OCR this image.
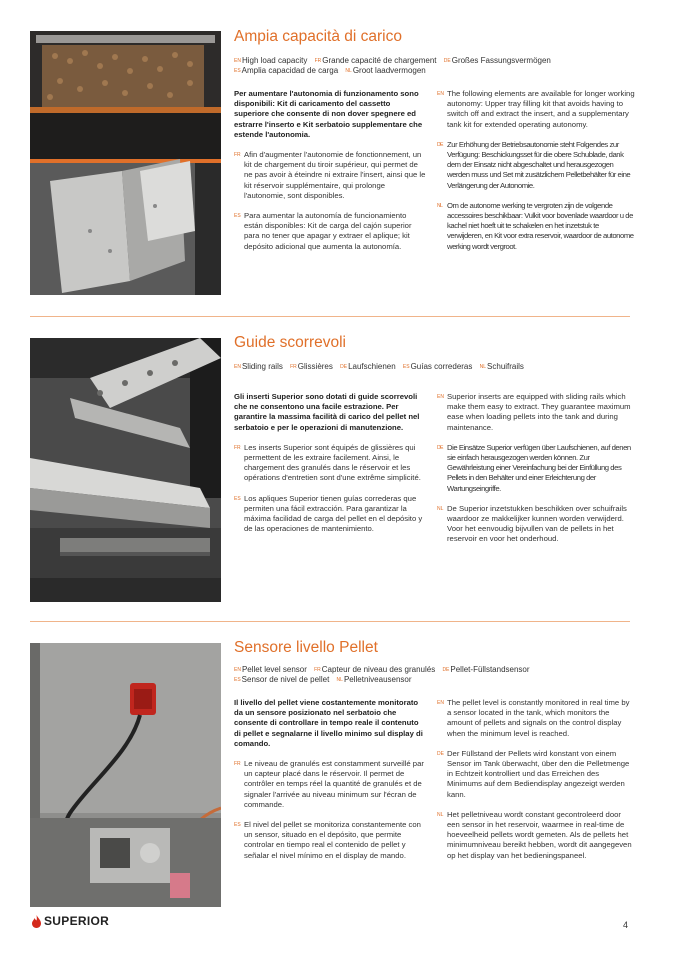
Ampia capacità di carico
$^{EN}$High load capacity $^{FR}$Grande capacité de chargement $^{DE}$Großes Fassungsvermögen
$^{ES}$Amplia capacidad de carga $^{NL}$Groot laadvermogen

Per aumentare l'autonomia di funzionamento sono disponibili: Kit di caricamento del cassetto superiore che consente di non dover spegnere ed estrarre l'inserto e Kit serbatoio supplementare che estende l'autonomia.

FR Afin d'augmenter l'autonomie de fonctionnement, un kit de chargement du tiroir supérieur, qui permet de ne pas avoir à éteindre ni extraire l'insert, ainsi que le kit réservoir supplémentaire, qui prolonge l'autonomie, sont disponibles.

ES Para aumentar la autonomía de funcionamiento están disponibles: Kit de carga del cajón superior para no tener que apagar y extraer el aplique; kit depósito adicional que aumenta la autonomía.

EN The following elements are available for longer working autonomy: Upper tray filling kit that avoids having to switch off and extract the insert, and a supplementary tank kit for extended operating autonomy.

DE Zur Erhöhung der Betriebsautonomie steht Folgendes zur Verfügung: Beschickungsset für die obere Schublade, dank dem der Einsatz nicht abgeschaltet und herausgezogen werden muss und Set mit zusätzlichem Pelletbehälter für eine Verlängerung der Autonomie.

NL Om de autonome werking te vergroten zijn de volgende accessoires beschikbaar: Vulkit voor bovenlade waardoor u de kachel niet hoeft uit te schakelen en het inzetstuk te verwijderen, en Kit voor extra reservoir, waardoor de autonome werking wordt vergroot.

Guide scorrevoli
$^{EN}$Sliding rails $^{FR}$Glissières $^{DE}$Laufschienen $^{ES}$Guías correderas $^{NL}$Schuifrails

Gli inserti Superior sono dotati di guide scorrevoli che ne consentono una facile estrazione. Per garantire la massima facilità di carico del pellet nel serbatoio e per le operazioni di manutenzione.

FR Les inserts Superior sont équipés de glissières qui permettent de les extraire facilement. Ainsi, le chargement des granulés dans le réservoir et les opérations d'entretien sont d'une extrême simplicité.

ES Los apliques Superior tienen guías correderas que permiten una fácil extracción. Para garantizar la máxima facilidad de carga del pellet en el depósito y de las operaciones de mantenimiento.

EN Superior inserts are equipped with sliding rails which make them easy to extract. They guarantee maximum ease when loading pellets into the tank and during maintenance.

DE Die Einsätze Superior verfügen über Laufschienen, auf denen sie einfach herausgezogen werden können. Zur Gewährleistung einer Vereinfachung bei der Einfüllung des Pellets in den Behälter und einer Erleichterung der Wartungseingriffe.

NL De Superior inzetstukken beschikken over schuifrails waardoor ze makkelijker kunnen worden verwijderd. Voor het eenvoudig bijvullen van de pellets in het reservoir en voor het onderhoud.

Sensore livello Pellet
$^{EN}$Pellet level sensor $^{FR}$Capteur de niveau des granulés $^{DE}$Pellet-Füllstandsensor
$^{ES}$Sensor de nivel de pellet $^{NL}$Pelletniveausensor

Il livello del pellet viene costantemente monitorato da un sensore posizionato nel serbatoio che consente di controllare in tempo reale il contenuto di pellet e segnalarne il livello minimo sul display di comando.

FR Le niveau de granulés est constamment surveillé par un capteur placé dans le réservoir. Il permet de contrôler en temps réel la quantité de granulés et de signaler l'arrivée au niveau minimum sur l'écran de commande.

ES El nivel del pellet se monitoriza constantemente con un sensor, situado en el depósito, que permite controlar en tiempo real el contenido de pellet y señalar el nivel mínimo en el display de mando.

EN The pellet level is constantly monitored in real time by a sensor located in the tank, which monitors the amount of pellets and signals on the control display when the minimum level is reached.

DE Der Füllstand der Pellets wird konstant von einem Sensor im Tank überwacht, über den die Pelletmenge in Echtzeit kontrolliert und das Erreichen des Minimums auf dem Bediendisplay angezeigt werden kann.

NL Het pelletniveau wordt constant gecontroleerd door een sensor in het reservoir, waarmee in real-time de hoeveelheid pellets wordt gemeten. Als de pellets het minimumniveau bereikt hebben, wordt dit aangegeven op het display van het bedieningspaneel.

SUPERIOR	4
